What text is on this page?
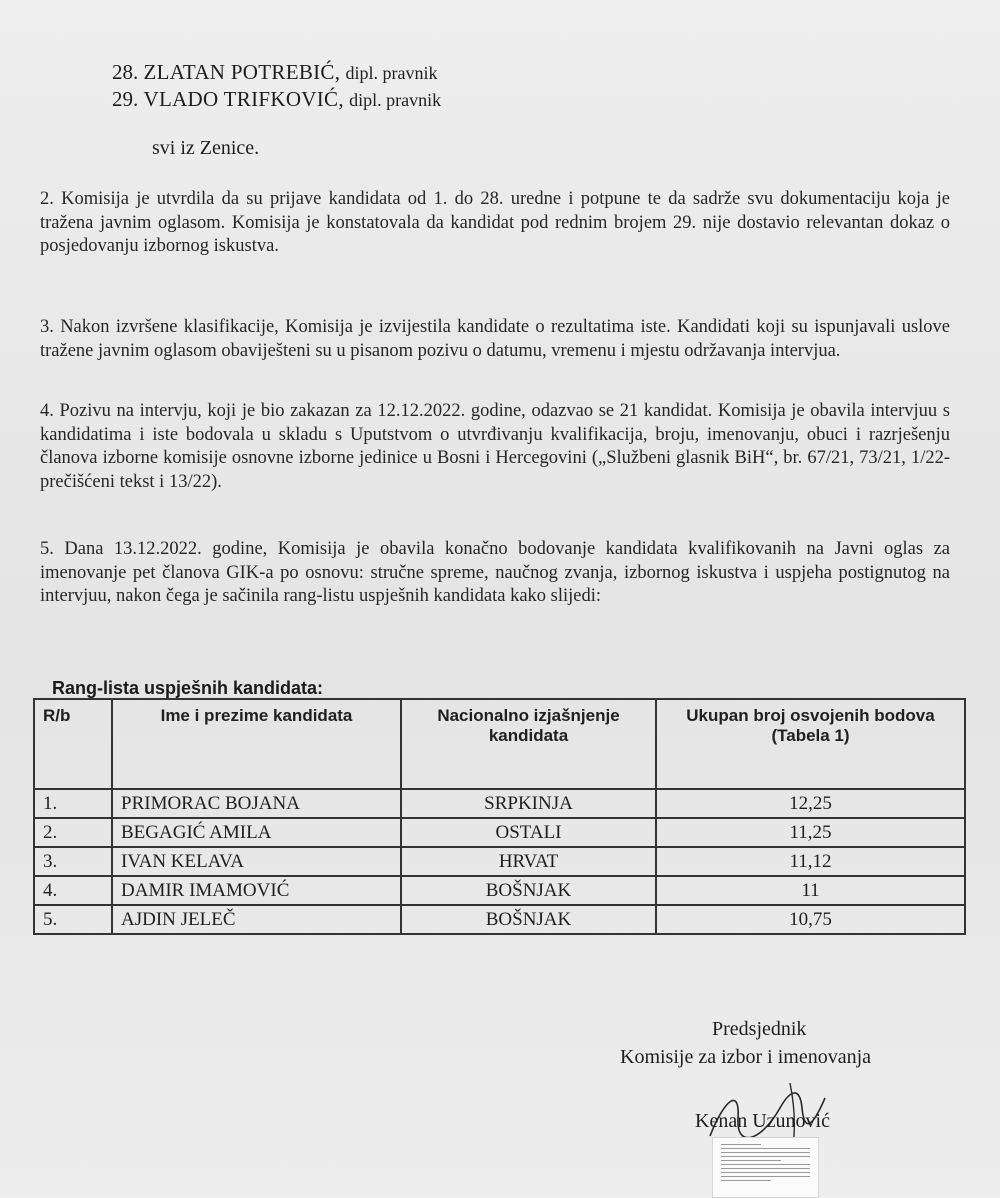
28. ZLATAN POTREBIĆ, dipl. pravnik
29. VLADO TRIFKOVIĆ, dipl. pravnik
svi iz Zenice.
2. Komisija je utvrdila da su prijave kandidata od 1. do 28. uredne i potpune te da sadrže svu dokumentaciju koja je tražena javnim oglasom. Komisija je konstatovala da kandidat pod rednim brojem 29. nije dostavio relevantan dokaz o posjedovanju izbornog iskustva.
3. Nakon izvršene klasifikacije, Komisija je izvijestila kandidate o rezultatima iste. Kandidati koji su ispunjavali uslove tražene javnim oglasom obaviješteni su u pisanom pozivu o datumu, vremenu i mjestu održavanja intervjua.
4. Pozivu na intervju, koji je bio zakazan za 12.12.2022. godine, odazvao se 21 kandidat. Komisija je obavila intervjuu s kandidatima i iste bodovala u skladu s Uputstvom o utvrđivanju kvalifikacija, broju, imenovanju, obuci i razrješenju članova izborne komisije osnovne izborne jedinice u Bosni i Hercegovini („Službeni glasnik BiH“, br. 67/21, 73/21, 1/22-prečišćeni tekst i 13/22).
5. Dana 13.12.2022. godine, Komisija je obavila konačno bodovanje kandidata kvalifikovanih na Javni oglas za imenovanje pet članova GIK-a po osnovu: stručne spreme, naučnog zvanja, izbornog iskustva i uspjeha postignutog na intervjuu, nakon čega je sačinila rang-listu uspješnih kandidata kako slijedi:
Rang-lista uspješnih kandidata:
R/b	Ime i prezime kandidata	Nacionalno izjašnjenje kandidata	Ukupan broj osvojenih bodova (Tabela 1)
1.	PRIMORAC BOJANA	SRPKINJA	12,25
2.	BEGAGIĆ AMILA	OSTALI	11,25
3.	IVAN KELAVA	HRVAT	11,12
4.	DAMIR IMAMOVIĆ	BOŠNJAK	11
5.	AJDIN JELEČ	BOŠNJAK	10,75
Predsjednik
Komisije za izbor i imenovanja
Kenan Uzunović
